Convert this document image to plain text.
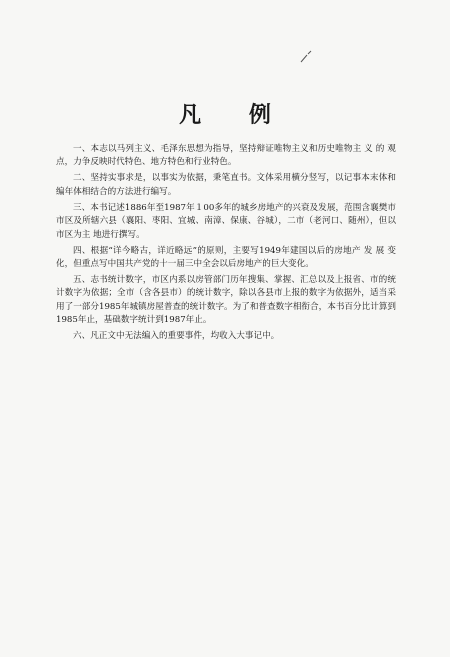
凡 例

一、本志以马列主义、毛泽东思想为指导，坚持辩证唯物主义和历史唯物主 义 的 观点，力争反映时代特色、地方特色和行业特色。

二、坚持实事求是，以事实为依据，秉笔直书。文体采用横分竖写，以记事本末体和编年体相结合的方法进行编写。

三、本书记述1886年至1987年１00多年的城乡房地产的兴衰及发展，范围含襄樊市市区及所辖六县（襄阳、枣阳、宜城、南漳、保康、谷城），二市（老河口、随州），但以市区为主 地进行撰写。

四、根据“详今略古，详近略远”的原则，主要写1949年建国以后的房地产 发 展 变化，但重点写中国共产党的十一届三中全会以后房地产的巨大变化。

五、志书统计数字，市区内系以房管部门历年搜集、掌握、汇总以及上报省、市的统计数字为依据；全市（含各县市）的统计数字，除以各县市上报的数字为依据外，适当采用了一部分1985年城镇房屋普查的统计数字。为了和普查数字相衔合，本书百分比计算到1985年止，基础数字统计到1987年止。

六、凡正文中无法编入的重要事件，均收入大事记中。
